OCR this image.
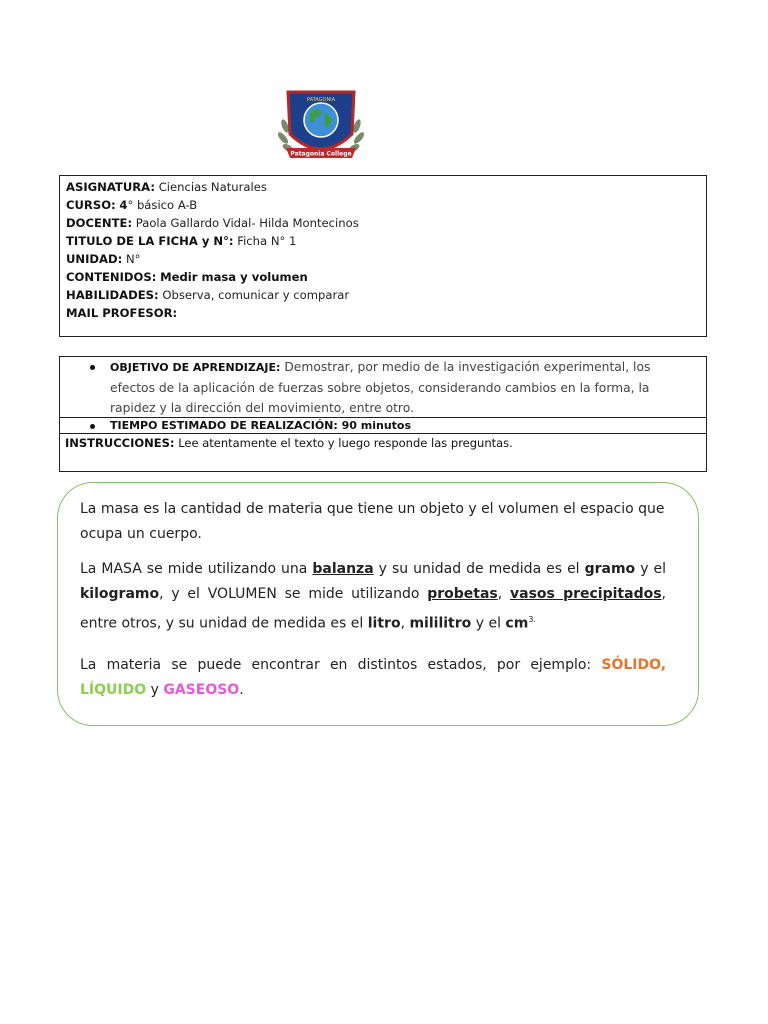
PATAGONIA
Patagonia College
ASIGNATURA: Ciencias Naturales
CURSO: 4° básico A-B
DOCENTE: Paola Gallardo Vidal- Hilda Montecinos
TITULO DE LA FICHA y N°: Ficha N° 1
UNIDAD: N°
CONTENIDOS: Medir masa y volumen
HABILIDADES: Observa, comunicar y comparar
MAIL PROFESOR:
OBJETIVO DE APRENDIZAJE: Demostrar, por medio de la investigación experimental, los
efectos de la aplicación de fuerzas sobre objetos, considerando cambios en la forma, la
rapidez y la dirección del movimiento, entre otro.
TIEMPO ESTIMADO DE REALIZACIÓN: 90 minutos
INSTRUCCIONES: Lee atentamente el texto y luego responde las preguntas.

La masa es la cantidad de materia que tiene un objeto y el volumen el espacio que
ocupa un cuerpo.

La MASA se mide utilizando una balanza y su unidad de medida es el gramo y el kilogramo, y el VOLUMEN se mide utilizando probetas, vasos precipitados, entre otros, y su unidad de medida es el litro, mililitro y el $cm^{3.}$

La materia se puede encontrar en distintos estados, por ejemplo: SÓLIDO, LÍQUIDO y GASEOSO.
